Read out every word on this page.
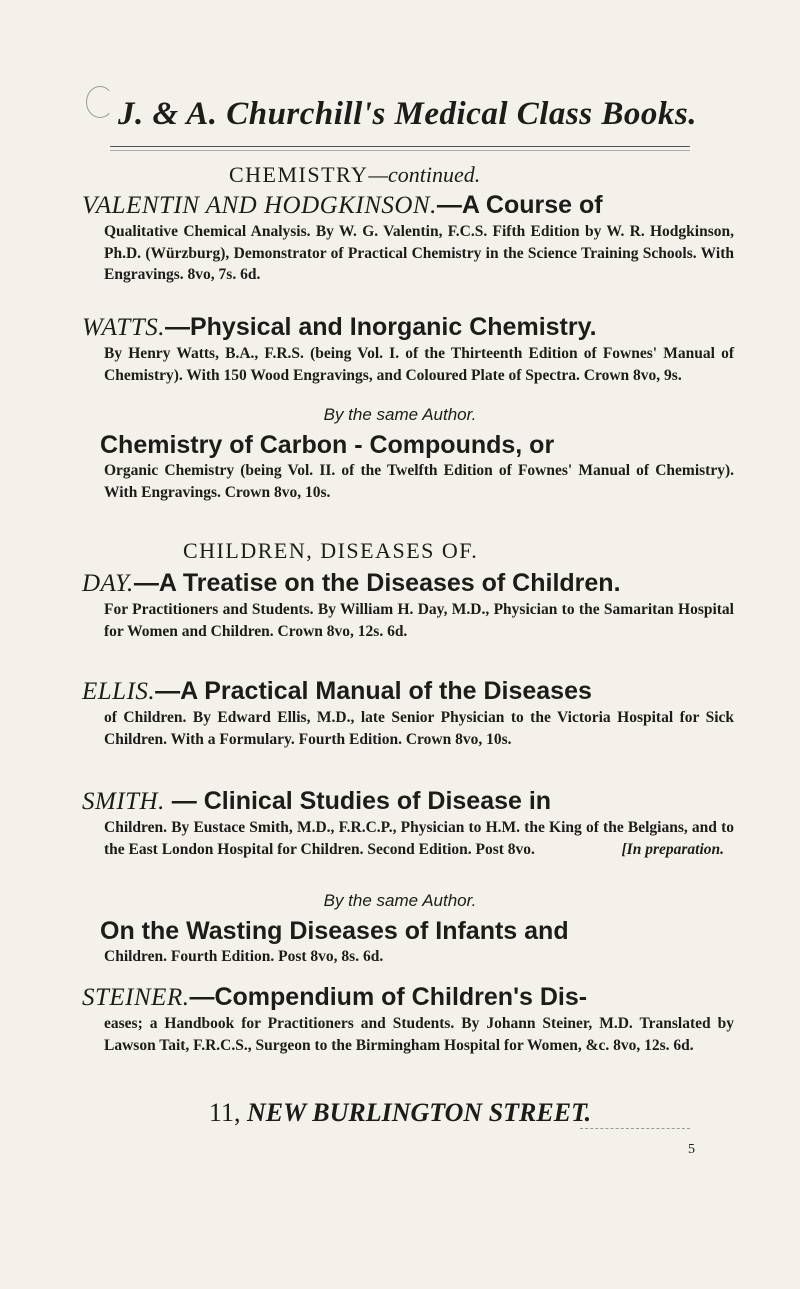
J. & A. Churchill's Medical Class Books.
CHEMISTRY—continued.
VALENTIN AND HODGKINSON.—A Course of
Qualitative Chemical Analysis. By W. G. Valentin, F.C.S. Fifth Edition by W. R. Hodgkinson, Ph.D. (Würzburg), Demonstrator of Practical Chemistry in the Science Training Schools. With Engravings. 8vo, 7s. 6d.
WATTS.—Physical and Inorganic Chemistry.
By Henry Watts, B.A., F.R.S. (being Vol. I. of the Thirteenth Edition of Fownes' Manual of Chemistry). With 150 Wood Engravings, and Coloured Plate of Spectra. Crown 8vo, 9s.
By the same Author.
Chemistry of Carbon - Compounds, or
Organic Chemistry (being Vol. II. of the Twelfth Edition of Fownes' Manual of Chemistry). With Engravings. Crown 8vo, 10s.
CHILDREN, DISEASES OF.
DAY.—A Treatise on the Diseases of Children.
For Practitioners and Students. By William H. Day, M.D., Physician to the Samaritan Hospital for Women and Children. Crown 8vo, 12s. 6d.
ELLIS.—A Practical Manual of the Diseases
of Children. By Edward Ellis, M.D., late Senior Physician to the Victoria Hospital for Sick Children. With a Formulary. Fourth Edition. Crown 8vo, 10s.
SMITH. — Clinical Studies of Disease in
Children. By Eustace Smith, M.D., F.R.C.P., Physician to H.M. the King of the Belgians, and to the East London Hospital for Children. Second Edition. Post 8vo.	[In preparation.
By the same Author.
On the Wasting Diseases of Infants and
Children. Fourth Edition. Post 8vo, 8s. 6d.
STEINER.—Compendium of Children's Dis-
eases; a Handbook for Practitioners and Students. By Johann Steiner, M.D. Translated by Lawson Tait, F.R.C.S., Surgeon to the Birmingham Hospital for Women, &c. 8vo, 12s. 6d.
11, NEW BURLINGTON STREET.
5
